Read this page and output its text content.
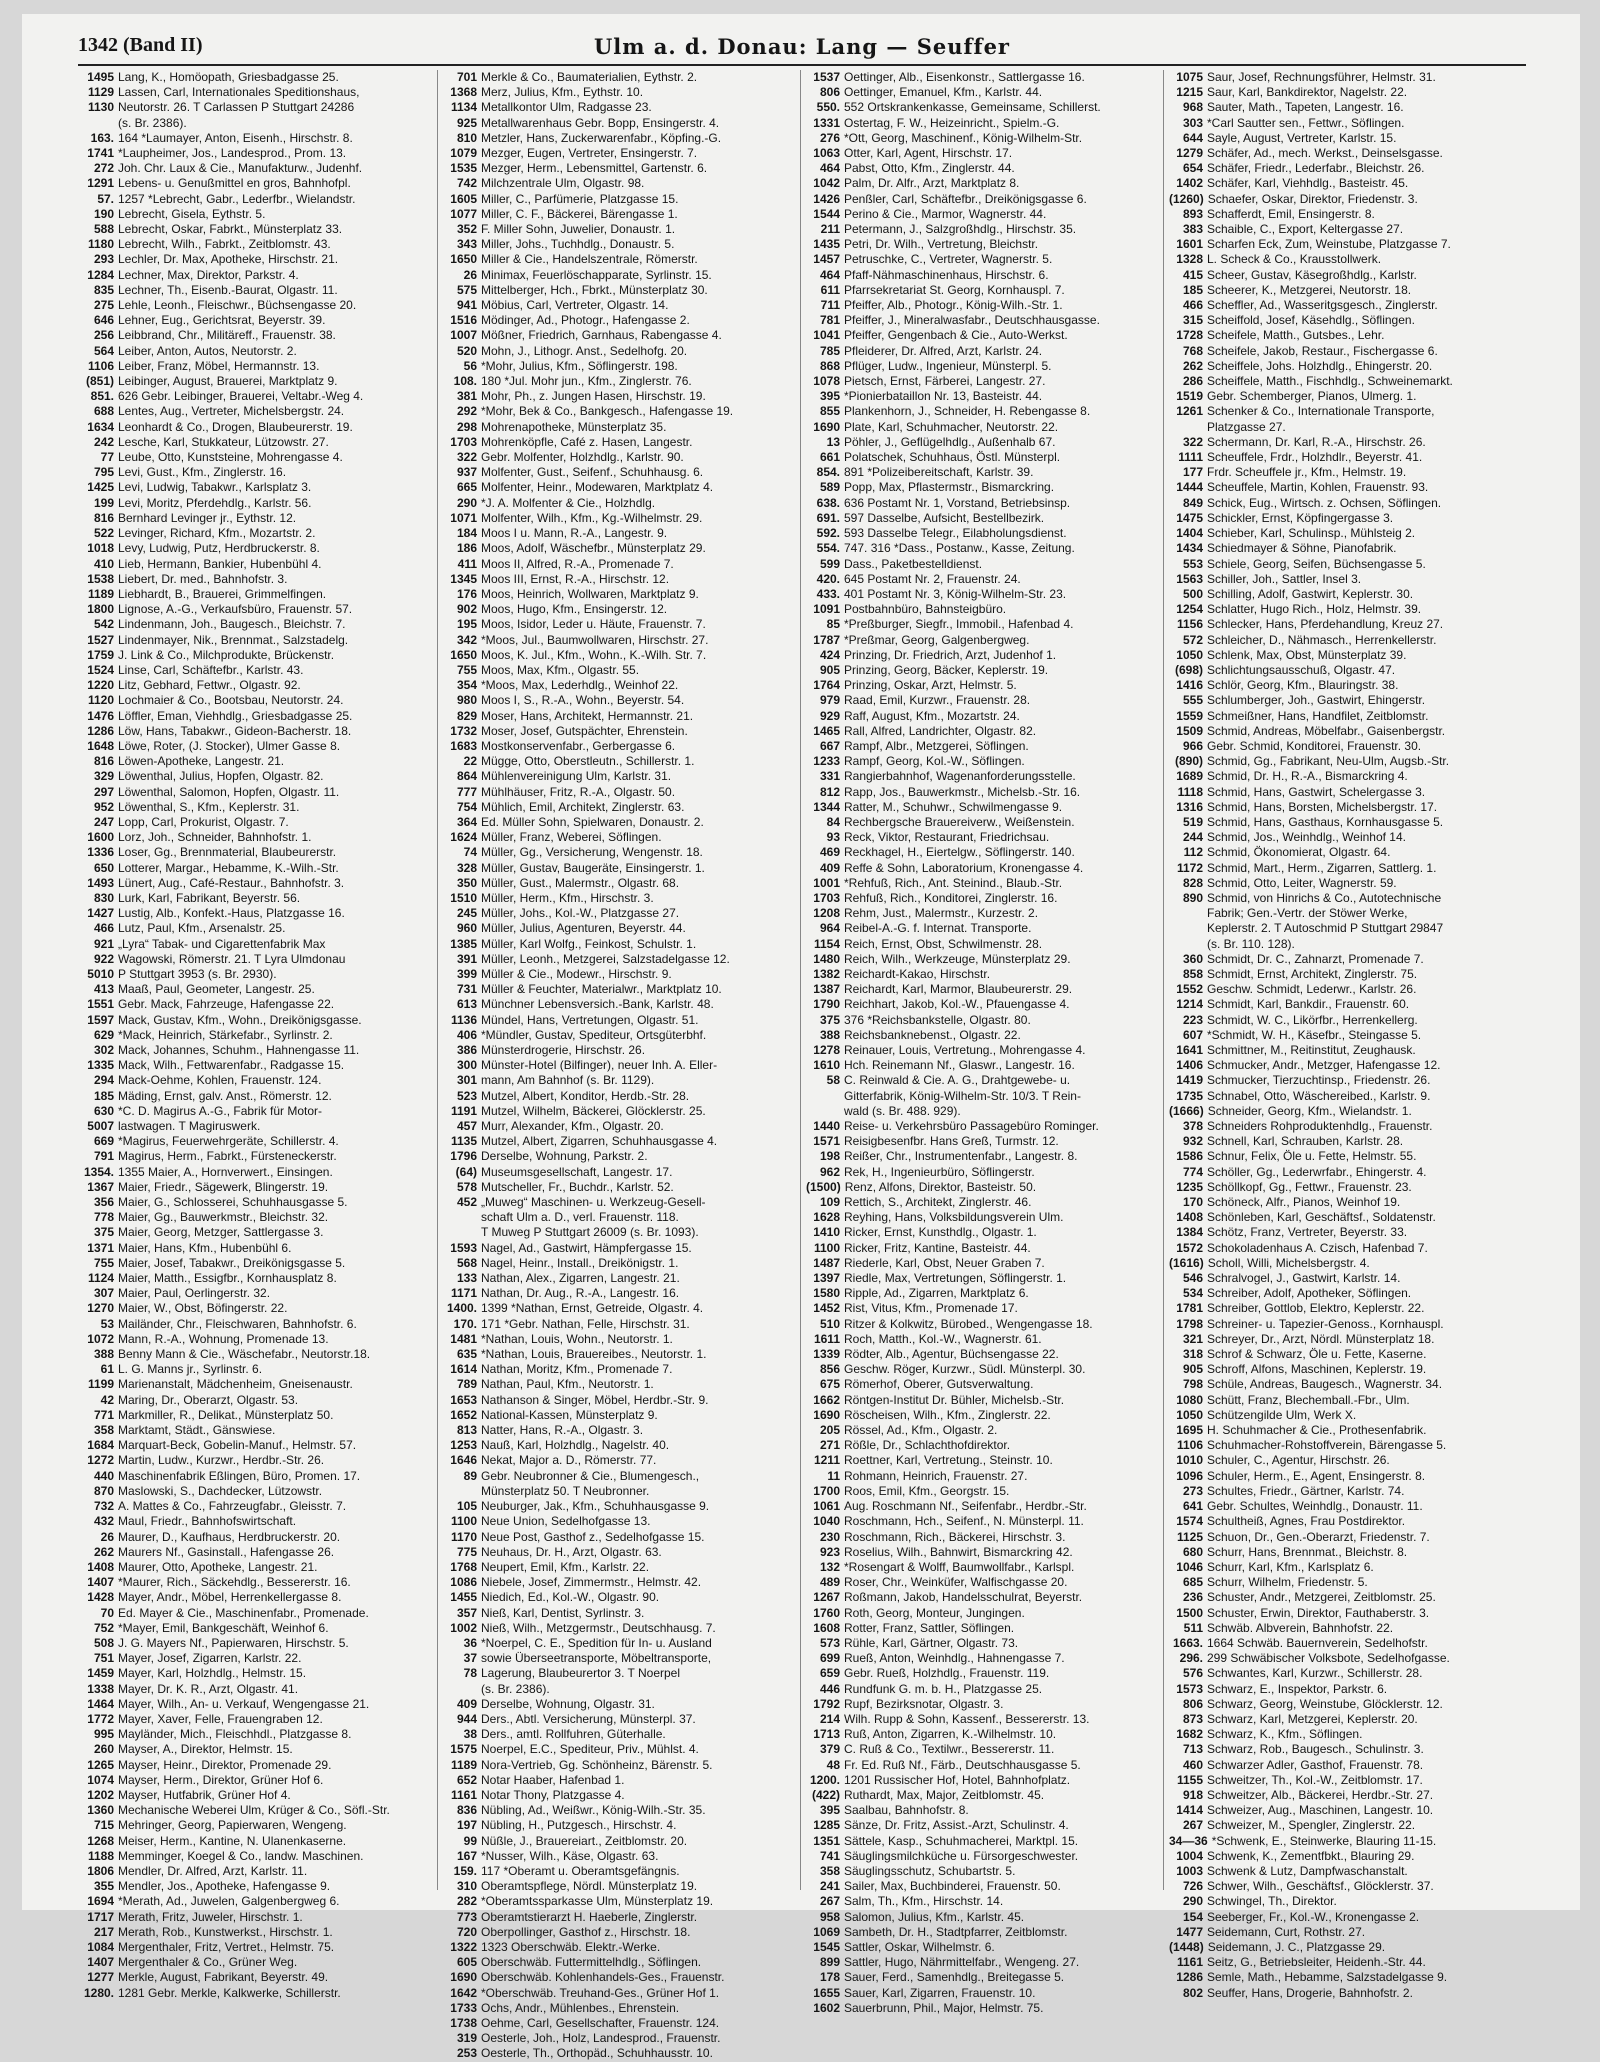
1342 (Band II)	Ulm a. d. Donau: Lang — Seuffer
1495 Lang, K., Homöopath, Griesbadgasse 25.
1129 Lassen, Carl, Internationales Speditionshaus,
1130 Neutorstr. 26. T Carlassen P Stuttgart 24286
(s. Br. 2386).
163. 164 *Laumayer, Anton, Eisenh., Hirschstr. 8.
1741 *Laupheimer, Jos., Landesprod., Prom. 13.
272 Joh. Chr. Laux & Cie., Manufakturw., Judenhf.
1291 Lebens- u. Genußmittel en gros, Bahnhofpl.
57. 1257 *Lebrecht, Gabr., Lederfbr., Wielandstr.
190 Lebrecht, Gisela, Eythstr. 5.
588 Lebrecht, Oskar, Fabrkt., Münsterplatz 33.
1180 Lebrecht, Wilh., Fabrkt., Zeitblomstr. 43.
293 Lechler, Dr. Max, Apotheke, Hirschstr. 21.
1284 Lechner, Max, Direktor, Parkstr. 4.
835 Lechner, Th., Eisenb.-Baurat, Olgastr. 11.
275 Lehle, Leonh., Fleischwr., Büchsengasse 20.
646 Lehner, Eug., Gerichtsrat, Beyerstr. 39.
256 Leibbrand, Chr., Militäreff., Frauenstr. 38.
564 Leiber, Anton, Autos, Neutorstr. 2.
1106 Leiber, Franz, Möbel, Hermannstr. 13.
(851) Leibinger, August, Brauerei, Marktplatz 9.
851. 626 Gebr. Leibinger, Brauerei, Veltabr.-Weg 4.
688 Lentes, Aug., Vertreter, Michelsbergstr. 24.
1634 Leonhardt & Co., Drogen, Blaubeurerstr. 19.
242 Lesche, Karl, Stukkateur, Lützowstr. 27.
77 Leube, Otto, Kunststeine, Mohrengasse 4.
795 Levi, Gust., Kfm., Zinglerstr. 16.
1425 Levi, Ludwig, Tabakwr., Karlsplatz 3.
199 Levi, Moritz, Pferdehdlg., Karlstr. 56.
816 Bernhard Levinger jr., Eythstr. 12.
522 Levinger, Richard, Kfm., Mozartstr. 2.
1018 Levy, Ludwig, Putz, Herdbruckerstr. 8.
410 Lieb, Hermann, Bankier, Hubenbühl 4.
1538 Liebert, Dr. med., Bahnhofstr. 3.
1189 Liebhardt, B., Brauerei, Grimmelfingen.
1800 Lignose, A.-G., Verkaufsbüro, Frauenstr. 57.
542 Lindenmann, Joh., Baugesch., Bleichstr. 7.
1527 Lindenmayer, Nik., Brennmat., Salzstadelg.
1759 J. Link & Co., Milchprodukte, Brückenstr.
1524 Linse, Carl, Schäftefbr., Karlstr. 43.
1220 Litz, Gebhard, Fettwr., Olgastr. 92.
1120 Lochmaier & Co., Bootsbau, Neutorstr. 24.
1476 Löffler, Eman, Viehhdlg., Griesbadgasse 25.
1286 Löw, Hans, Tabakwr., Gideon-Bacherstr. 18.
1648 Löwe, Roter, (J. Stocker), Ulmer Gasse 8.
816 Löwen-Apotheke, Langestr. 21.
329 Löwenthal, Julius, Hopfen, Olgastr. 82.
297 Löwenthal, Salomon, Hopfen, Olgastr. 11.
952 Löwenthal, S., Kfm., Keplerstr. 31.
247 Lopp, Carl, Prokurist, Olgastr. 7.
1600 Lorz, Joh., Schneider, Bahnhofstr. 1.
1336 Loser, Gg., Brennmaterial, Blaubeurerstr.
650 Lotterer, Margar., Hebamme, K.-Wilh.-Str.
1493 Lünert, Aug., Café-Restaur., Bahnhofstr. 3.
830 Lurk, Karl, Fabrikant, Beyerstr. 56.
1427 Lustig, Alb., Konfekt.-Haus, Platzgasse 16.
466 Lutz, Paul, Kfm., Arsenalstr. 25.
921 „Lyra“ Tabak- und Cigarettenfabrik Max
922 Wagowski, Römerstr. 21. T Lyra Ulmdonau
5010 P Stuttgart 3953 (s. Br. 2930).
413 Maaß, Paul, Geometer, Langestr. 25.
1551 Gebr. Mack, Fahrzeuge, Hafengasse 22.
1597 Mack, Gustav, Kfm., Wohn., Dreikönigsgasse.
629 *Mack, Heinrich, Stärkefabr., Syrlinstr. 2.
302 Mack, Johannes, Schuhm., Hahnengasse 11.
1335 Mack, Wilh., Fettwarenfabr., Radgasse 15.
294 Mack-Oehme, Kohlen, Frauenstr. 124.
185 Mäding, Ernst, galv. Anst., Römerstr. 12.
630 *C. D. Magirus A.-G., Fabrik für Motor-
5007 lastwagen. T Magiruswerk.
669 *Magirus, Feuerwehrgeräte, Schillerstr. 4.
791 Magirus, Herm., Fabrkt., Fürsteneckerstr.
1354. 1355 Maier, A., Hornverwert., Einsingen.
1367 Maier, Friedr., Sägewerk, Blingerstr. 19.
356 Maier, G., Schlosserei, Schuhhausgasse 5.
778 Maier, Gg., Bauwerkmstr., Bleichstr. 32.
375 Maier, Georg, Metzger, Sattlergasse 3.
1371 Maier, Hans, Kfm., Hubenbühl 6.
755 Maier, Josef, Tabakwr., Dreikönigsgasse 5.
1124 Maier, Matth., Essigfbr., Kornhausplatz 8.
307 Maier, Paul, Oerlingerstr. 32.
1270 Maier, W., Obst, Böfingerstr. 22.
53 Mailänder, Chr., Fleischwaren, Bahnhofstr. 6.
1072 Mann, R.-A., Wohnung, Promenade 13.
388 Benny Mann & Cie., Wäschefabr., Neutorstr.18.
61 L. G. Manns jr., Syrlinstr. 6.
1199 Marienanstalt, Mädchenheim, Gneisenaustr.
42 Maring, Dr., Oberarzt, Olgastr. 53.
771 Markmiller, R., Delikat., Münsterplatz 50.
358 Marktamt, Städt., Gänswiese.
1684 Marquart-Beck, Gobelin-Manuf., Helmstr. 57.
1272 Martin, Ludw., Kurzwr., Herdbr.-Str. 26.
440 Maschinenfabrik Eßlingen, Büro, Promen. 17.
870 Maslowski, S., Dachdecker, Lützowstr.
732 A. Mattes & Co., Fahrzeugfabr., Gleisstr. 7.
432 Maul, Friedr., Bahnhofswirtschaft.
26 Maurer, D., Kaufhaus, Herdbruckerstr. 20.
262 Maurers Nf., Gasinstall., Hafengasse 26.
1408 Maurer, Otto, Apotheke, Langestr. 21.
1407 *Maurer, Rich., Säckehdlg., Bessererstr. 16.
1428 Mayer, Andr., Möbel, Herrenkellergasse 8.
70 Ed. Mayer & Cie., Maschinenfabr., Promenade.
752 *Mayer, Emil, Bankgeschäft, Weinhof 6.
508 J. G. Mayers Nf., Papierwaren, Hirschstr. 5.
751 Mayer, Josef, Zigarren, Karlstr. 22.
1459 Mayer, Karl, Holzhdlg., Helmstr. 15.
1338 Mayer, Dr. K. R., Arzt, Olgastr. 41.
1464 Mayer, Wilh., An- u. Verkauf, Wengengasse 21.
1772 Mayer, Xaver, Felle, Frauengraben 12.
995 Mayländer, Mich., Fleischhdl., Platzgasse 8.
260 Mayser, A., Direktor, Helmstr. 15.
1265 Mayser, Heinr., Direktor, Promenade 29.
1074 Mayser, Herm., Direktor, Grüner Hof 6.
1202 Mayser, Hutfabrik, Grüner Hof 4.
1360 Mechanische Weberei Ulm, Krüger & Co., Söfl.-Str.
715 Mehringer, Georg, Papierwaren, Wengeng.
1268 Meiser, Herm., Kantine, N. Ulanenkaserne.
1188 Memminger, Koegel & Co., landw. Maschinen.
1806 Mendler, Dr. Alfred, Arzt, Karlstr. 11.
355 Mendler, Jos., Apotheke, Hafengasse 9.
1694 *Merath, Ad., Juwelen, Galgenbergweg 6.
1717 Merath, Fritz, Juweler, Hirschstr. 1.
217 Merath, Rob., Kunstwerkst., Hirschstr. 1.
1084 Mergenthaler, Fritz, Vertret., Helmstr. 75.
1407 Mergenthaler & Co., Grüner Weg.
1277 Merkle, August, Fabrikant, Beyerstr. 49.
1280. 1281 Gebr. Merkle, Kalkwerke, Schillerstr.
701 Merkle & Co., Baumaterialien, Eythstr. 2.
1368 Merz, Julius, Kfm., Eythstr. 10.
1134 Metallkontor Ulm, Radgasse 23.
925 Metallwarenhaus Gebr. Bopp, Ensingerstr. 4.
810 Metzler, Hans, Zuckerwarenfabr., Köpfing.-G.
1079 Mezger, Eugen, Vertreter, Ensingerstr. 7.
1535 Mezger, Herm., Lebensmittel, Gartenstr. 6.
742 Milchzentrale Ulm, Olgastr. 98.
1605 Miller, C., Parfümerie, Platzgasse 15.
1077 Miller, C. F., Bäckerei, Bärengasse 1.
352 F. Miller Sohn, Juwelier, Donaustr. 1.
343 Miller, Johs., Tuchhdlg., Donaustr. 5.
1650 Miller & Cie., Handelszentrale, Römerstr.
26 Minimax, Feuerlöschapparate, Syrlinstr. 15.
575 Mittelberger, Hch., Fbrkt., Münsterplatz 30.
941 Möbius, Carl, Vertreter, Olgastr. 14.
1516 Mödinger, Ad., Photogr., Hafengasse 2.
1007 Mößner, Friedrich, Garnhaus, Rabengasse 4.
520 Mohn, J., Lithogr. Anst., Sedelhofg. 20.
56 *Mohr, Julius, Kfm., Söflingerstr. 198.
108. 180 *Jul. Mohr jun., Kfm., Zinglerstr. 76.
381 Mohr, Ph., z. Jungen Hasen, Hirschstr. 19.
292 *Mohr, Bek & Co., Bankgesch., Hafengasse 19.
298 Mohrenapotheke, Münsterplatz 35.
1703 Mohrenköpfle, Café z. Hasen, Langestr.
322 Gebr. Molfenter, Holzhdlg., Karlstr. 90.
937 Molfenter, Gust., Seifenf., Schuhhausg. 6.
665 Molfenter, Heinr., Modewaren, Marktplatz 4.
290 *J. A. Molfenter & Cie., Holzhdlg.
1071 Molfenter, Wilh., Kfm., Kg.-Wilhelmstr. 29.
184 Moos I u. Mann, R.-A., Langestr. 9.
186 Moos, Adolf, Wäschefbr., Münsterplatz 29.
411 Moos II, Alfred, R.-A., Promenade 7.
1345 Moos III, Ernst, R.-A., Hirschstr. 12.
176 Moos, Heinrich, Wollwaren, Marktplatz 9.
902 Moos, Hugo, Kfm., Ensingerstr. 12.
195 Moos, Isidor, Leder u. Häute, Frauenstr. 7.
342 *Moos, Jul., Baumwollwaren, Hirschstr. 27.
1650 Moos, K. Jul., Kfm., Wohn., K.-Wilh. Str. 7.
755 Moos, Max, Kfm., Olgastr. 55.
354 *Moos, Max, Lederhdlg., Weinhof 22.
980 Moos I, S., R.-A., Wohn., Beyerstr. 54.
829 Moser, Hans, Architekt, Hermannstr. 21.
1732 Moser, Josef, Gutspächter, Ehrenstein.
1683 Mostkonservenfabr., Gerbergasse 6.
22 Mügge, Otto, Oberstleutn., Schillerstr. 1.
864 Mühlenvereinigung Ulm, Karlstr. 31.
777 Mühlhäuser, Fritz, R.-A., Olgastr. 50.
754 Mühlich, Emil, Architekt, Zinglerstr. 63.
364 Ed. Müller Sohn, Spielwaren, Donaustr. 2.
1624 Müller, Franz, Weberei, Söflingen.
74 Müller, Gg., Versicherung, Wengenstr. 18.
328 Müller, Gustav, Baugeräte, Einsingerstr. 1.
350 Müller, Gust., Malermstr., Olgastr. 68.
1510 Müller, Herm., Kfm., Hirschstr. 3.
245 Müller, Johs., Kol.-W., Platzgasse 27.
960 Müller, Julius, Agenturen, Beyerstr. 44.
1385 Müller, Karl Wolfg., Feinkost, Schulstr. 1.
391 Müller, Leonh., Metzgerei, Salzstadelgasse 12.
399 Müller & Cie., Modewr., Hirschstr. 9.
731 Müller & Feuchter, Materialwr., Marktplatz 10.
613 Münchner Lebensversich.-Bank, Karlstr. 48.
1136 Mündel, Hans, Vertretungen, Olgastr. 51.
406 *Mündler, Gustav, Spediteur, Ortsgüterbhf.
386 Münsterdrogerie, Hirschstr. 26.
300 Münster-Hotel (Bilfinger), neuer Inh. A. Eller-
301 mann, Am Bahnhof (s. Br. 1129).
523 Mutzel, Albert, Konditor, Herdb.-Str. 28.
1191 Mutzel, Wilhelm, Bäckerei, Glöcklerstr. 25.
457 Murr, Alexander, Kfm., Olgastr. 20.
1135 Mutzel, Albert, Zigarren, Schuhhausgasse 4.
1796 Derselbe, Wohnung, Parkstr. 2.
(64) Museumsgesellschaft, Langestr. 17.
578 Mutscheller, Fr., Buchdr., Karlstr. 52.
452 „Muweg“ Maschinen- u. Werkzeug-Gesell-
schaft Ulm a. D., verl. Frauenstr. 118.
T Muweg P Stuttgart 26009 (s. Br. 1093).
1593 Nagel, Ad., Gastwirt, Hämpfergasse 15.
568 Nagel, Heinr., Install., Dreikönigstr. 1.
133 Nathan, Alex., Zigarren, Langestr. 21.
1171 Nathan, Dr. Aug., R.-A., Langestr. 16.
1400. 1399 *Nathan, Ernst, Getreide, Olgastr. 4.
170. 171 *Gebr. Nathan, Felle, Hirschstr. 31.
1481 *Nathan, Louis, Wohn., Neutorstr. 1.
635 *Nathan, Louis, Brauereibes., Neutorstr. 1.
1614 Nathan, Moritz, Kfm., Promenade 7.
789 Nathan, Paul, Kfm., Neutorstr. 1.
1653 Nathanson & Singer, Möbel, Herdbr.-Str. 9.
1652 National-Kassen, Münsterplatz 9.
813 Natter, Hans, R.-A., Olgastr. 3.
1253 Nauß, Karl, Holzhdlg., Nagelstr. 40.
1646 Nekat, Major a. D., Römerstr. 77.
89 Gebr. Neubronner & Cie., Blumengesch.,
Münsterplatz 50. T Neubronner.
105 Neuburger, Jak., Kfm., Schuhhausgasse 9.
1100 Neue Union, Sedelhofgasse 13.
1170 Neue Post, Gasthof z., Sedelhofgasse 15.
775 Neuhaus, Dr. H., Arzt, Olgastr. 63.
1768 Neupert, Emil, Kfm., Karlstr. 22.
1086 Niebele, Josef, Zimmermstr., Helmstr. 42.
1455 Niedich, Ed., Kol.-W., Olgastr. 90.
357 Nieß, Karl, Dentist, Syrlinstr. 3.
1002 Nieß, Wilh., Metzgermstr., Deutschhausg. 7.
36 *Noerpel, C. E., Spedition für In- u. Ausland
37 sowie Überseetransporte, Möbeltransporte,
78 Lagerung, Blaubeurertor 3. T Noerpel
(s. Br. 2386).
409 Derselbe, Wohnung, Olgastr. 31.
944 Ders., Abtl. Versicherung, Münsterpl. 37.
38 Ders., amtl. Rollfuhren, Güterhalle.
1575 Noerpel, E.C., Spediteur, Priv., Mühlst. 4.
1189 Nora-Vertrieb, Gg. Schönheinz, Bärenstr. 5.
652 Notar Haaber, Hafenbad 1.
1161 Notar Thony, Platzgasse 4.
836 Nübling, Ad., Weißwr., König-Wilh.-Str. 35.
197 Nübling, H., Putzgesch., Hirschstr. 4.
99 Nüßle, J., Brauereiart., Zeitblomstr. 20.
167 *Nusser, Wilh., Käse, Olgastr. 63.
159. 117 *Oberamt u. Oberamtsgefängnis.
310 Oberamtspflege, Nördl. Münsterplatz 19.
282 *Oberamtssparkasse Ulm, Münsterplatz 19.
773 Oberamtstierarzt H. Haeberle, Zinglerstr.
720 Oberpollinger, Gasthof z., Hirschstr. 18.
1322 1323 Oberschwäb. Elektr.-Werke.
605 Oberschwäb. Futtermittelhdlg., Söflingen.
1690 Oberschwäb. Kohlenhandels-Ges., Frauenstr.
1642 *Oberschwäb. Treuhand-Ges., Grüner Hof 1.
1733 Ochs, Andr., Mühlenbes., Ehrenstein.
1738 Oehme, Carl, Gesellschafter, Frauenstr. 124.
319 Oesterle, Joh., Holz, Landesprod., Frauenstr.
253 Oesterle, Th., Orthopäd., Schuhhausstr. 10.
1537 Oettinger, Alb., Eisenkonstr., Sattlergasse 16.
806 Oettinger, Emanuel, Kfm., Karlstr. 44.
550. 552 Ortskrankenkasse, Gemeinsame, Schillerst.
1331 Ostertag, F. W., Heizeinricht., Spielm.-G.
276 *Ott, Georg, Maschinenf., König-Wilhelm-Str.
1063 Otter, Karl, Agent, Hirschstr. 17.
464 Pabst, Otto, Kfm., Zinglerstr. 44.
1042 Palm, Dr. Alfr., Arzt, Marktplatz 8.
1426 Penßler, Carl, Schäftefbr., Dreikönigsgasse 6.
1544 Perino & Cie., Marmor, Wagnerstr. 44.
211 Petermann, J., Salzgroßhdlg., Hirschstr. 35.
1435 Petri, Dr. Wilh., Vertretung, Bleichstr.
1457 Petruschke, C., Vertreter, Wagnerstr. 5.
464 Pfaff-Nähmaschinenhaus, Hirschstr. 6.
611 Pfarrsekretariat St. Georg, Kornhauspl. 7.
711 Pfeiffer, Alb., Photogr., König-Wilh.-Str. 1.
781 Pfeiffer, J., Mineralwasfabr., Deutschhausgasse.
1041 Pfeiffer, Gengenbach & Cie., Auto-Werkst.
785 Pfleiderer, Dr. Alfred, Arzt, Karlstr. 24.
868 Pflüger, Ludw., Ingenieur, Münsterpl. 5.
1078 Pietsch, Ernst, Färberei, Langestr. 27.
395 *Pionierbataillon Nr. 13, Basteistr. 44.
855 Plankenhorn, J., Schneider, H. Rebengasse 8.
1690 Plate, Karl, Schuhmacher, Neutorstr. 22.
13 Pöhler, J., Geflügelhdlg., Außenhalb 67.
661 Polatschek, Schuhhaus, Östl. Münsterpl.
854. 891 *Polizeibereitschaft, Karlstr. 39.
589 Popp, Max, Pflastermstr., Bismarckring.
638. 636 Postamt Nr. 1, Vorstand, Betriebsinsp.
691. 597 Dasselbe, Aufsicht, Bestellbezirk.
592. 593 Dasselbe Telegr., Eilabholungsdienst.
554. 747. 316 *Dass., Postanw., Kasse, Zeitung.
599 Dass., Paketbestelldienst.
420. 645 Postamt Nr. 2, Frauenstr. 24.
433. 401 Postamt Nr. 3, König-Wilhelm-Str. 23.
1091 Postbahnbüro, Bahnsteigbüro.
85 *Preßburger, Siegfr., Immobil., Hafenbad 4.
1787 *Preßmar, Georg, Galgenbergweg.
424 Prinzing, Dr. Friedrich, Arzt, Judenhof 1.
905 Prinzing, Georg, Bäcker, Keplerstr. 19.
1764 Prinzing, Oskar, Arzt, Helmstr. 5.
979 Raad, Emil, Kurzwr., Frauenstr. 28.
929 Raff, August, Kfm., Mozartstr. 24.
1465 Rall, Alfred, Landrichter, Olgastr. 82.
667 Rampf, Albr., Metzgerei, Söflingen.
1233 Rampf, Georg, Kol.-W., Söflingen.
331 Rangierbahnhof, Wagenanforderungsstelle.
812 Rapp, Jos., Bauwerkmstr., Michelsb.-Str. 16.
1344 Ratter, M., Schuhwr., Schwilmengasse 9.
84 Rechbergsche Brauereiverw., Weißenstein.
93 Reck, Viktor, Restaurant, Friedrichsau.
469 Reckhagel, H., Eiertelgw., Söflingerstr. 140.
409 Reffe & Sohn, Laboratorium, Kronengasse 4.
1001 *Rehfuß, Rich., Ant. Steinind., Blaub.-Str.
1703 Rehfuß, Rich., Konditorei, Zinglerstr. 16.
1208 Rehm, Just., Malermstr., Kurzestr. 2.
964 Reibel-A.-G. f. Internat. Transporte.
1154 Reich, Ernst, Obst, Schwilmenstr. 28.
1480 Reich, Wilh., Werkzeuge, Münsterplatz 29.
1382 Reichardt-Kakao, Hirschstr.
1387 Reichardt, Karl, Marmor, Blaubeurerstr. 29.
1790 Reichhart, Jakob, Kol.-W., Pfauengasse 4.
375 376 *Reichsbankstelle, Olgastr. 80.
388 Reichsbanknebenst., Olgastr. 22.
1278 Reinauer, Louis, Vertretung., Mohrengasse 4.
1610 Hch. Reinemann Nf., Glaswr., Langestr. 16.
58 C. Reinwald & Cie. A. G., Drahtgewebe- u.
Gitterfabrik, König-Wilhelm-Str. 10/3. T Rein-
wald (s. Br. 488. 929).
1440 Reise- u. Verkehrsbüro Passagebüro Rominger.
1571 Reisigbesenfbr. Hans Greß, Turmstr. 12.
198 Reißer, Chr., Instrumentenfabr., Langestr. 8.
962 Rek, H., Ingenieurbüro, Söflingerstr.
(1500) Renz, Alfons, Direktor, Basteistr. 50.
109 Rettich, S., Architekt, Zinglerstr. 46.
1628 Reyhing, Hans, Volksbildungsverein Ulm.
1410 Ricker, Ernst, Kunsthdlg., Olgastr. 1.
1100 Ricker, Fritz, Kantine, Basteistr. 44.
1487 Riederle, Karl, Obst, Neuer Graben 7.
1397 Riedle, Max, Vertretungen, Söflingerstr. 1.
1580 Ripple, Ad., Zigarren, Marktplatz 6.
1452 Rist, Vitus, Kfm., Promenade 17.
510 Ritzer & Kolkwitz, Bürobed., Wengengasse 18.
1611 Roch, Matth., Kol.-W., Wagnerstr. 61.
1339 Rödter, Alb., Agentur, Büchsengasse 22.
856 Geschw. Röger, Kurzwr., Südl. Münsterpl. 30.
675 Römerhof, Oberer, Gutsverwaltung.
1662 Röntgen-Institut Dr. Bühler, Michelsb.-Str.
1690 Röscheisen, Wilh., Kfm., Zinglerstr. 22.
205 Rössel, Ad., Kfm., Olgastr. 2.
271 Rößle, Dr., Schlachthofdirektor.
1211 Roettner, Karl, Vertretung., Steinstr. 10.
11 Rohmann, Heinrich, Frauenstr. 27.
1700 Roos, Emil, Kfm., Georgstr. 15.
1061 Aug. Roschmann Nf., Seifenfabr., Herdbr.-Str.
1040 Roschmann, Hch., Seifenf., N. Münsterpl. 11.
230 Roschmann, Rich., Bäckerei, Hirschstr. 3.
923 Roselius, Wilh., Bahnwirt, Bismarckring 42.
132 *Rosengart & Wolff, Baumwollfabr., Karlspl.
489 Roser, Chr., Weinküfer, Walfischgasse 20.
1267 Roßmann, Jakob, Handelsschulrat, Beyerstr.
1760 Roth, Georg, Monteur, Jungingen.
1608 Rotter, Franz, Sattler, Söflingen.
573 Rühle, Karl, Gärtner, Olgastr. 73.
699 Rueß, Anton, Weinhdlg., Hahnengasse 7.
659 Gebr. Rueß, Holzhdlg., Frauenstr. 119.
446 Rundfunk G. m. b. H., Platzgasse 25.
1792 Rupf, Bezirksnotar, Olgastr. 3.
214 Wilh. Rupp & Sohn, Kassenf., Bessererstr. 13.
1713 Ruß, Anton, Zigarren, K.-Wilhelmstr. 10.
379 C. Ruß & Co., Textilwr., Bessererstr. 11.
48 Fr. Ed. Ruß Nf., Färb., Deutschhausgasse 5.
1200. 1201 Russischer Hof, Hotel, Bahnhofplatz.
(422) Ruthardt, Max, Major, Zeitblomstr. 45.
395 Saalbau, Bahnhofstr. 8.
1285 Sänze, Dr. Fritz, Assist.-Arzt, Schulinstr. 4.
1351 Sättele, Kasp., Schuhmacherei, Marktpl. 15.
741 Säuglingsmilchküche u. Fürsorgeschwester.
358 Säuglingsschutz, Schubartstr. 5.
241 Sailer, Max, Buchbinderei, Frauenstr. 50.
267 Salm, Th., Kfm., Hirschstr. 14.
958 Salomon, Julius, Kfm., Karlstr. 45.
1069 Sambeth, Dr. H., Stadtpfarrer, Zeitblomstr.
1545 Sattler, Oskar, Wilhelmstr. 6.
899 Sattler, Hugo, Nährmittelfabr., Wengeng. 27.
178 Sauer, Ferd., Samenhdlg., Breitegasse 5.
1655 Sauer, Karl, Zigarren, Frauenstr. 10.
1602 Sauerbrunn, Phil., Major, Helmstr. 75.
1075 Saur, Josef, Rechnungsführer, Helmstr. 31.
1215 Saur, Karl, Bankdirektor, Nagelstr. 22.
968 Sauter, Math., Tapeten, Langestr. 16.
303 *Carl Sautter sen., Fettwr., Söflingen.
644 Sayle, August, Vertreter, Karlstr. 15.
1279 Schäfer, Ad., mech. Werkst., Deinselsgasse.
654 Schäfer, Friedr., Lederfabr., Bleichstr. 26.
1402 Schäfer, Karl, Viehhdlg., Basteistr. 45.
(1260) Schaefer, Oskar, Direktor, Friedenstr. 3.
893 Schafferdt, Emil, Ensingerstr. 8.
383 Schaible, C., Export, Keltergasse 27.
1601 Scharfen Eck, Zum, Weinstube, Platzgasse 7.
1328 L. Scheck & Co., Krausstollwerk.
415 Scheer, Gustav, Käsegroßhdlg., Karlstr.
185 Scheerer, K., Metzgerei, Neutorstr. 18.
466 Scheffler, Ad., Wasseritgsgesch., Zinglerstr.
315 Scheiffold, Josef, Käsehdlg., Söflingen.
1728 Scheifele, Matth., Gutsbes., Lehr.
768 Scheifele, Jakob, Restaur., Fischergasse 6.
262 Scheiffele, Johs. Holzhdlg., Ehingerstr. 20.
286 Scheiffele, Matth., Fischhdlg., Schweinemarkt.
1519 Gebr. Schemberger, Pianos, Ulmerg. 1.
1261 Schenker & Co., Internationale Transporte,
Platzgasse 27.
322 Schermann, Dr. Karl, R.-A., Hirschstr. 26.
1111 Scheuffele, Frdr., Holzhdlr., Beyerstr. 41.
177 Frdr. Scheuffele jr., Kfm., Helmstr. 19.
1444 Scheuffele, Martin, Kohlen, Frauenstr. 93.
849 Schick, Eug., Wirtsch. z. Ochsen, Söflingen.
1475 Schickler, Ernst, Köpfingergasse 3.
1404 Schieber, Karl, Schulinsp., Mühlsteig 2.
1434 Schiedmayer & Söhne, Pianofabrik.
553 Schiele, Georg, Seifen, Büchsengasse 5.
1563 Schiller, Joh., Sattler, Insel 3.
500 Schilling, Adolf, Gastwirt, Keplerstr. 30.
1254 Schlatter, Hugo Rich., Holz, Helmstr. 39.
1156 Schlecker, Hans, Pferdehandlung, Kreuz 27.
572 Schleicher, D., Nähmasch., Herrenkellerstr.
1050 Schlenk, Max, Obst, Münsterplatz 39.
(698) Schlichtungsausschuß, Olgastr. 47.
1416 Schlör, Georg, Kfm., Blauringstr. 38.
555 Schlumberger, Joh., Gastwirt, Ehingerstr.
1559 Schmeißner, Hans, Handfilet, Zeitblomstr.
1509 Schmid, Andreas, Möbelfabr., Gaisenbergstr.
966 Gebr. Schmid, Konditorei, Frauenstr. 30.
(890) Schmid, Gg., Fabrikant, Neu-Ulm, Augsb.-Str.
1689 Schmid, Dr. H., R.-A., Bismarckring 4.
1118 Schmid, Hans, Gastwirt, Schelergasse 3.
1316 Schmid, Hans, Borsten, Michelsbergstr. 17.
519 Schmid, Hans, Gasthaus, Kornhausgasse 5.
244 Schmid, Jos., Weinhdlg., Weinhof 14.
112 Schmid, Ökonomierat, Olgastr. 64.
1172 Schmid, Mart., Herm., Zigarren, Sattlerg. 1.
828 Schmid, Otto, Leiter, Wagnerstr. 59.
890 Schmid, von Hinrichs & Co., Autotechnische
Fabrik; Gen.-Vertr. der Stöwer Werke,
Keplerstr. 2. T Autoschmid P Stuttgart 29847
(s. Br. 110. 128).
360 Schmidt, Dr. C., Zahnarzt, Promenade 7.
858 Schmidt, Ernst, Architekt, Zinglerstr. 75.
1552 Geschw. Schmidt, Lederwr., Karlstr. 26.
1214 Schmidt, Karl, Bankdir., Frauenstr. 60.
223 Schmidt, W. C., Likörfbr., Herrenkellerg.
607 *Schmidt, W. H., Käsefbr., Steingasse 5.
1641 Schmittner, M., Reitinstitut, Zeughausk.
1406 Schmucker, Andr., Metzger, Hafengasse 12.
1419 Schmucker, Tierzuchtinsp., Friedenstr. 26.
1735 Schnabel, Otto, Wäschereibed., Karlstr. 9.
(1666) Schneider, Georg, Kfm., Wielandstr. 1.
378 Schneiders Rohproduktenhdlg., Frauenstr.
932 Schnell, Karl, Schrauben, Karlstr. 28.
1586 Schnur, Felix, Öle u. Fette, Helmstr. 55.
774 Schöller, Gg., Lederwrfabr., Ehingerstr. 4.
1235 Schöllkopf, Gg., Fettwr., Frauenstr. 23.
170 Schöneck, Alfr., Pianos, Weinhof 19.
1408 Schönleben, Karl, Geschäftsf., Soldatenstr.
1384 Schötz, Franz, Vertreter, Beyerstr. 33.
1572 Schokoladenhaus A. Czisch, Hafenbad 7.
(1616) Scholl, Willi, Michelsbergstr. 4.
546 Schralvogel, J., Gastwirt, Karlstr. 14.
534 Schreiber, Adolf, Apotheker, Söflingen.
1781 Schreiber, Gottlob, Elektro, Keplerstr. 22.
1798 Schreiner- u. Tapezier-Genoss., Kornhauspl.
321 Schreyer, Dr., Arzt, Nördl. Münsterplatz 18.
318 Schrof & Schwarz, Öle u. Fette, Kaserne.
905 Schroff, Alfons, Maschinen, Keplerstr. 19.
798 Schüle, Andreas, Baugesch., Wagnerstr. 34.
1080 Schütt, Franz, Blechemball.-Fbr., Ulm.
1050 Schützengilde Ulm, Werk X.
1695 H. Schuhmacher & Cie., Prothesenfabrik.
1106 Schuhmacher-Rohstoffverein, Bärengasse 5.
1010 Schuler, C., Agentur, Hirschstr. 26.
1096 Schuler, Herm., E., Agent, Ensingerstr. 8.
273 Schultes, Friedr., Gärtner, Karlstr. 74.
641 Gebr. Schultes, Weinhdlg., Donaustr. 11.
1574 Schultheiß, Agnes, Frau Postdirektor.
1125 Schuon, Dr., Gen.-Oberarzt, Friedenstr. 7.
680 Schurr, Hans, Brennmat., Bleichstr. 8.
1046 Schurr, Karl, Kfm., Karlsplatz 6.
685 Schurr, Wilhelm, Friedenstr. 5.
236 Schuster, Andr., Metzgerei, Zeitblomstr. 25.
1500 Schuster, Erwin, Direktor, Fauthaberstr. 3.
511 Schwäb. Albverein, Bahnhofstr. 22.
1663. 1664 Schwäb. Bauernverein, Sedelhofstr.
296. 299 Schwäbischer Volksbote, Sedelhofgasse.
576 Schwantes, Karl, Kurzwr., Schillerstr. 28.
1573 Schwarz, E., Inspektor, Parkstr. 6.
806 Schwarz, Georg, Weinstube, Glöcklerstr. 12.
873 Schwarz, Karl, Metzgerei, Keplerstr. 20.
1682 Schwarz, K., Kfm., Söflingen.
713 Schwarz, Rob., Baugesch., Schulinstr. 3.
460 Schwarzer Adler, Gasthof, Frauenstr. 78.
1155 Schweitzer, Th., Kol.-W., Zeitblomstr. 17.
918 Schweitzer, Alb., Bäckerei, Herdbr.-Str. 27.
1414 Schweizer, Aug., Maschinen, Langestr. 10.
267 Schweizer, M., Spengler, Zinglerstr. 22.
34—36 *Schwenk, E., Steinwerke, Blauring 11-15.
1004 Schwenk, K., Zementfbkt., Blauring 29.
1003 Schwenk & Lutz, Dampfwaschanstalt.
726 Schwer, Wilh., Geschäftsf., Glöcklerstr. 37.
290 Schwingel, Th., Direktor.
154 Seeberger, Fr., Kol.-W., Kronengasse 2.
1477 Seidemann, Curt, Rothstr. 27.
(1448) Seidemann, J. C., Platzgasse 29.
1161 Seitz, G., Betriebsleiter, Heidenh.-Str. 44.
1286 Semle, Math., Hebamme, Salzstadelgasse 9.
802 Seuffer, Hans, Drogerie, Bahnhofstr. 2.
